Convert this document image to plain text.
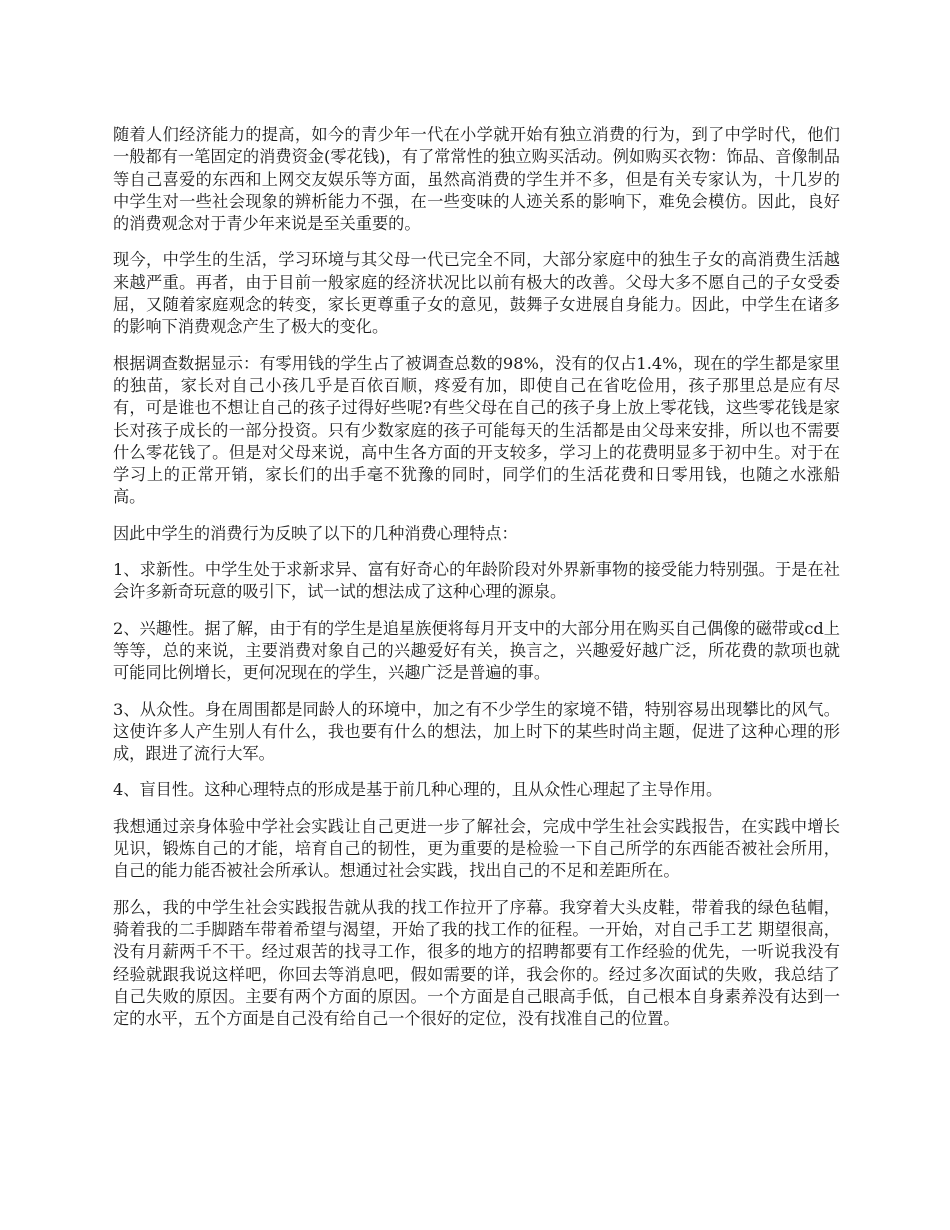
随着人们经济能力的提高，如今的青少年一代在小学就开始有独立消费的行为，到了中学时代，他们一般都有一笔固定的消费资金(零花钱)，有了常常性的独立购买活动。例如购买衣物：饰品、音像制品等自己喜爱的东西和上网交友娱乐等方面，虽然高消费的学生并不多，但是有关专家认为，十几岁的中学生对一些社会现象的辨析能力不强，在一些变味的人迹关系的影响下，难免会模仿。因此，良好的消费观念对于青少年来说是至关重要的。

现今，中学生的生活，学习环境与其父母一代已完全不同，大部分家庭中的独生子女的高消费生活越来越严重。再者，由于目前一般家庭的经济状况比以前有极大的改善。父母大多不愿自己的子女受委屈，又随着家庭观念的转变，家长更尊重子女的意见，鼓舞子女进展自身能力。因此，中学生在诸多的影响下消费观念产生了极大的变化。

根据调查数据显示：有零用钱的学生占了被调查总数的98%，没有的仅占1.4%，现在的学生都是家里的独苗，家长对自己小孩几乎是百依百顺，疼爱有加，即使自己在省吃俭用，孩子那里总是应有尽有，可是谁也不想让自己的孩子过得好些呢?有些父母在自己的孩子身上放上零花钱，这些零花钱是家长对孩子成长的一部分投资。只有少数家庭的孩子可能每天的生活都是由父母来安排，所以也不需要什么零花钱了。但是对父母来说，高中生各方面的开支较多，学习上的花费明显多于初中生。对于在学习上的正常开销，家长们的出手毫不犹豫的同时，同学们的生活花费和日零用钱，也随之水涨船高。

因此中学生的消费行为反映了以下的几种消费心理特点：

1、求新性。中学生处于求新求异、富有好奇心的年龄阶段对外界新事物的接受能力特别强。于是在社会许多新奇玩意的吸引下，试一试的想法成了这种心理的源泉。

2、兴趣性。据了解，由于有的学生是追星族便将每月开支中的大部分用在购买自己偶像的磁带或cd上等等，总的来说，主要消费对象自己的兴趣爱好有关，换言之，兴趣爱好越广泛，所花费的款项也就可能同比例增长，更何况现在的学生，兴趣广泛是普遍的事。

3、从众性。身在周围都是同龄人的环境中，加之有不少学生的家境不错，特别容易出现攀比的风气。这使许多人产生别人有什么，我也要有什么的想法，加上时下的某些时尚主题，促进了这种心理的形成，跟进了流行大军。

4、盲目性。这种心理特点的形成是基于前几种心理的，且从众性心理起了主导作用。

我想通过亲身体验中学社会实践让自己更进一步了解社会，完成中学生社会实践报告，在实践中增长见识，锻炼自己的才能，培育自己的韧性，更为重要的是检验一下自己所学的东西能否被社会所用，自己的能力能否被社会所承认。想通过社会实践，找出自己的不足和差距所在。

那么，我的中学生社会实践报告就从我的找工作拉开了序幕。我穿着大头皮鞋，带着我的绿色毡帽，骑着我的二手脚踏车带着希望与渴望，开始了我的找工作的征程。一开始，对自己手工艺 期望很高，没有月薪两千不干。经过艰苦的找寻工作，很多的地方的招聘都要有工作经验的优先，一听说我没有经验就跟我说这样吧，你回去等消息吧，假如需要的详，我会你的。经过多次面试的失败，我总结了自己失败的原因。主要有两个方面的原因。一个方面是自己眼高手低，自己根本自身素养没有达到一定的水平，五个方面是自己没有给自己一个很好的定位，没有找准自己的位置。
